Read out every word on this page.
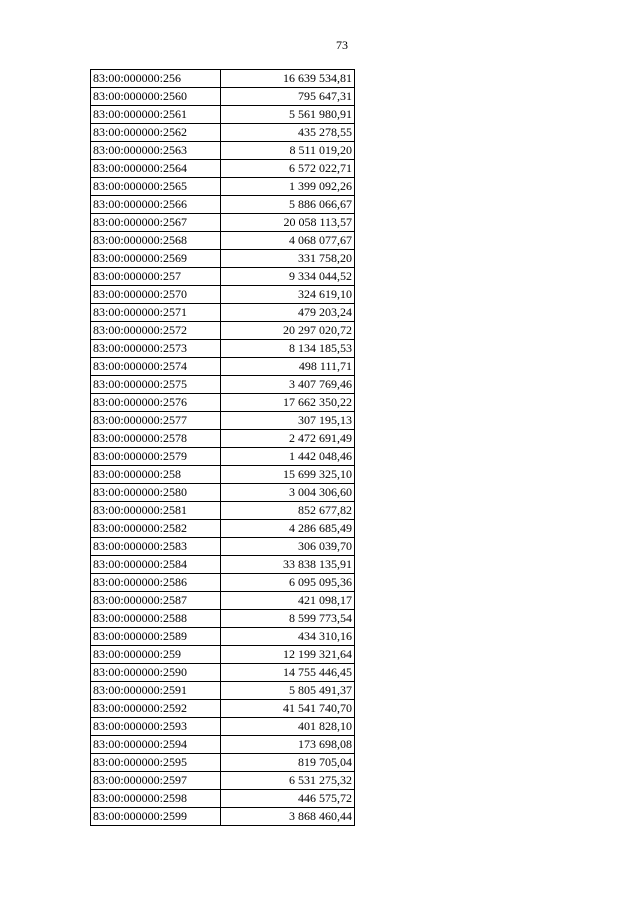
73
83:00:000000:256	16 639 534,81
83:00:000000:2560	795 647,31
83:00:000000:2561	5 561 980,91
83:00:000000:2562	435 278,55
83:00:000000:2563	8 511 019,20
83:00:000000:2564	6 572 022,71
83:00:000000:2565	1 399 092,26
83:00:000000:2566	5 886 066,67
83:00:000000:2567	20 058 113,57
83:00:000000:2568	4 068 077,67
83:00:000000:2569	331 758,20
83:00:000000:257	9 334 044,52
83:00:000000:2570	324 619,10
83:00:000000:2571	479 203,24
83:00:000000:2572	20 297 020,72
83:00:000000:2573	8 134 185,53
83:00:000000:2574	498 111,71
83:00:000000:2575	3 407 769,46
83:00:000000:2576	17 662 350,22
83:00:000000:2577	307 195,13
83:00:000000:2578	2 472 691,49
83:00:000000:2579	1 442 048,46
83:00:000000:258	15 699 325,10
83:00:000000:2580	3 004 306,60
83:00:000000:2581	852 677,82
83:00:000000:2582	4 286 685,49
83:00:000000:2583	306 039,70
83:00:000000:2584	33 838 135,91
83:00:000000:2586	6 095 095,36
83:00:000000:2587	421 098,17
83:00:000000:2588	8 599 773,54
83:00:000000:2589	434 310,16
83:00:000000:259	12 199 321,64
83:00:000000:2590	14 755 446,45
83:00:000000:2591	5 805 491,37
83:00:000000:2592	41 541 740,70
83:00:000000:2593	401 828,10
83:00:000000:2594	173 698,08
83:00:000000:2595	819 705,04
83:00:000000:2597	6 531 275,32
83:00:000000:2598	446 575,72
83:00:000000:2599	3 868 460,44
